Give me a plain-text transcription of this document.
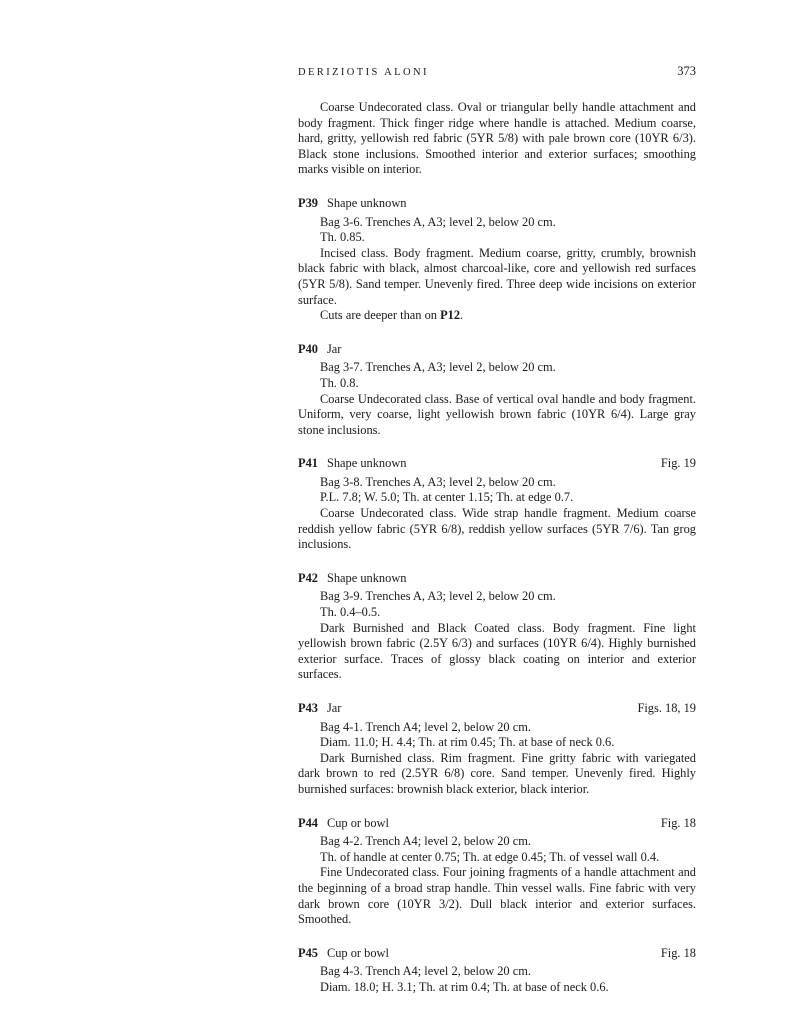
DERIZIOTIS ALONI	373

Coarse Undecorated class. Oval or triangular belly handle attachment and body fragment. Thick finger ridge where handle is attached. Medium coarse, hard, gritty, yellowish red fabric (5YR 5/8) with pale brown core (10YR 6/3). Black stone inclusions. Smoothed interior and exterior surfaces; smoothing marks visible on interior.

P39 Shape unknown
Bag 3-6. Trenches A, A3; level 2, below 20 cm.
Th. 0.85.

Incised class. Body fragment. Medium coarse, gritty, crumbly, brownish black fabric with black, almost charcoal-like, core and yellowish red surfaces (5YR 5/8). Sand temper. Unevenly fired. Three deep wide incisions on exterior surface.

Cuts are deeper than on P12.
P40 Jar
Bag 3-7. Trenches A, A3; level 2, below 20 cm.
Th. 0.8.

Coarse Undecorated class. Base of vertical oval handle and body fragment. Uniform, very coarse, light yellowish brown fabric (10YR 6/4). Large gray stone inclusions.

P41 Shape unknown	Fig. 19
Bag 3-8. Trenches A, A3; level 2, below 20 cm.
P.L. 7.8; W. 5.0; Th. at center 1.15; Th. at edge 0.7.

Coarse Undecorated class. Wide strap handle fragment. Medium coarse reddish yellow fabric (5YR 6/8), reddish yellow surfaces (5YR 7/6). Tan grog inclusions.

P42 Shape unknown
Bag 3-9. Trenches A, A3; level 2, below 20 cm.
Th. 0.4–0.5.

Dark Burnished and Black Coated class. Body fragment. Fine light yellowish brown fabric (2.5Y 6/3) and surfaces (10YR 6/4). Highly burnished exterior surface. Traces of glossy black coating on interior and exterior surfaces.

P43 Jar	Figs. 18, 19
Bag 4-1. Trench A4; level 2, below 20 cm.
Diam. 11.0; H. 4.4; Th. at rim 0.45; Th. at base of neck 0.6.

Dark Burnished class. Rim fragment. Fine gritty fabric with variegated dark brown to red (2.5YR 6/8) core. Sand temper. Unevenly fired. Highly burnished surfaces: brownish black exterior, black interior.

P44 Cup or bowl	Fig. 18
Bag 4-2. Trench A4; level 2, below 20 cm.
Th. of handle at center 0.75; Th. at edge 0.45; Th. of vessel wall 0.4.

Fine Undecorated class. Four joining fragments of a handle attachment and the beginning of a broad strap handle. Thin vessel walls. Fine fabric with very dark brown core (10YR 3/2). Dull black interior and exterior surfaces. Smoothed.

P45 Cup or bowl	Fig. 18
Bag 4-3. Trench A4; level 2, below 20 cm.
Diam. 18.0; H. 3.1; Th. at rim 0.4; Th. at base of neck 0.6.
